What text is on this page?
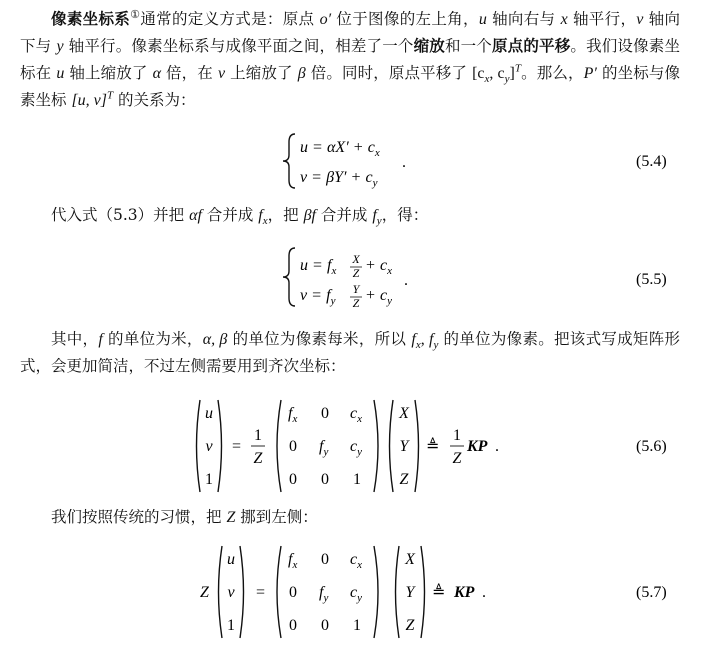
像素坐标系①通常的定义方式是：原点 o′ 位于图像的左上角，u 轴向右与 x 轴平行，v 轴向下与 y 轴平行。像素坐标系与成像平面之间，相差了一个缩放和一个原点的平移。我们设像素坐标在 u 轴上缩放了 α 倍，在 v 上缩放了 β 倍。同时，原点平移了 [$c_x$, $c_y]^T$。那么，P′ 的坐标与像素坐标 [u, v]$^T$ 的关系为：

$u = \alpha X' + c_x$
$v = \beta Y' + c_y$
.	(5.4)

代入式（5.3）并把 αf 合并成 $f_x$，把 βf 合并成 $f_y$，得：

$u = f_x$
X
$Z + c_x$
$v = f_y$
Y
$Z + c_y$
.	(5.5)

其中，f 的单位为米，α, β 的单位为像素每米，所以 $f_x$, $f_y$ 的单位为像素。把该式写成矩阵形式，会更加简洁，不过左侧需要用到齐次坐标：

u
v
1
=
1
Z
$f_x$ 0 $c_x$
0 $f_y$ $c_y$
0 0 1
X
Y
Z
≜
1
Z
KP .	(5.6)

我们按照传统的习惯，把 Z 挪到左侧：

Z
u
v
1
=
$f_x$ 0 $c_x$
0 $f_y$ $c_y$
0 0 1
X
Y
Z
≜ KP .	(5.7)
